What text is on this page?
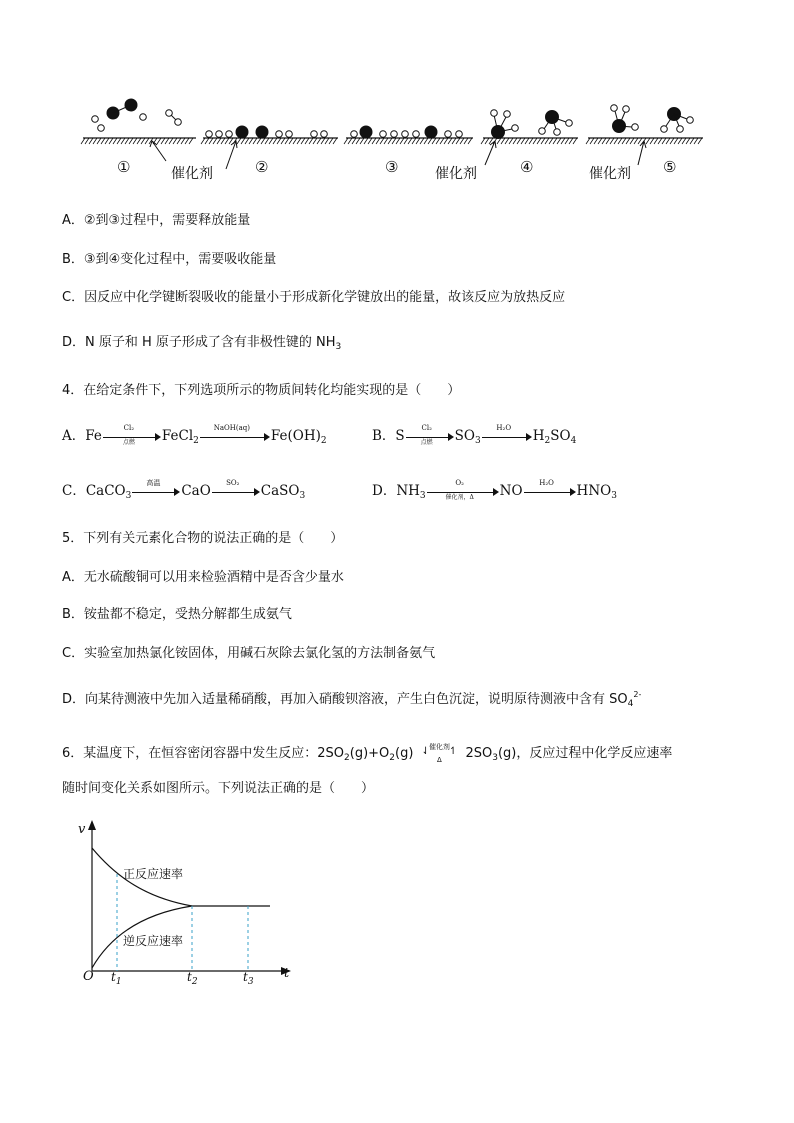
①	催化剂	②	③	催化剂	④	催化剂 ⑤
A．②到③过程中，需要释放能量
B．③到④变化过程中，需要吸收能量
C．因反应中化学键断裂吸收的能量小于形成新化学键放出的能量，故该反应为放热反应
D．N 原子和 H 原子形成了含有非极性键的 $NH_3$
4．在给定条件下，下列选项所示的物质间转化均能实现的是（　　）
A．Fe
Cl₂
点燃	FeCl$_2$
NaOH(aq)
$Fe(OH)_2$	B．S
Cl₂
点燃	$SO_3$
H₂O
$H_2SO_4$
C．CaCO$_3$
高温
CaO
SO₂
CaSO$_3$	D．$NH_3$
O₂
催化剂，Δ	NO
H₂O
$HNO_3$
5．下列有关元素化合物的说法正确的是（　　）
A．无水硫酸铜可以用来检验酒精中是否含少量水
B．铵盐都不稳定，受热分解都生成氨气
C．实验室加热氯化铵固体，用碱石灰除去氯化氢的方法制备氨气
D．向某待测液中先加入适量稀硝酸，再加入硝酸钡溶液，产生白色沉淀，说明原待测液中含有 $SO_4^{2-}$
6．某温度下，在恒容密闭容器中发生反应：$2SO_2(g)+O_2(g)$	催化剂
⇃ ↿
Δ	$2SO_3(g)$，反应过程中化学反应速率
随时间变化关系如图所示。下列说法正确的是（　　）
v
t
O
正反应速率
逆反应速率
$t_1$	$t_2$	$t_3$
